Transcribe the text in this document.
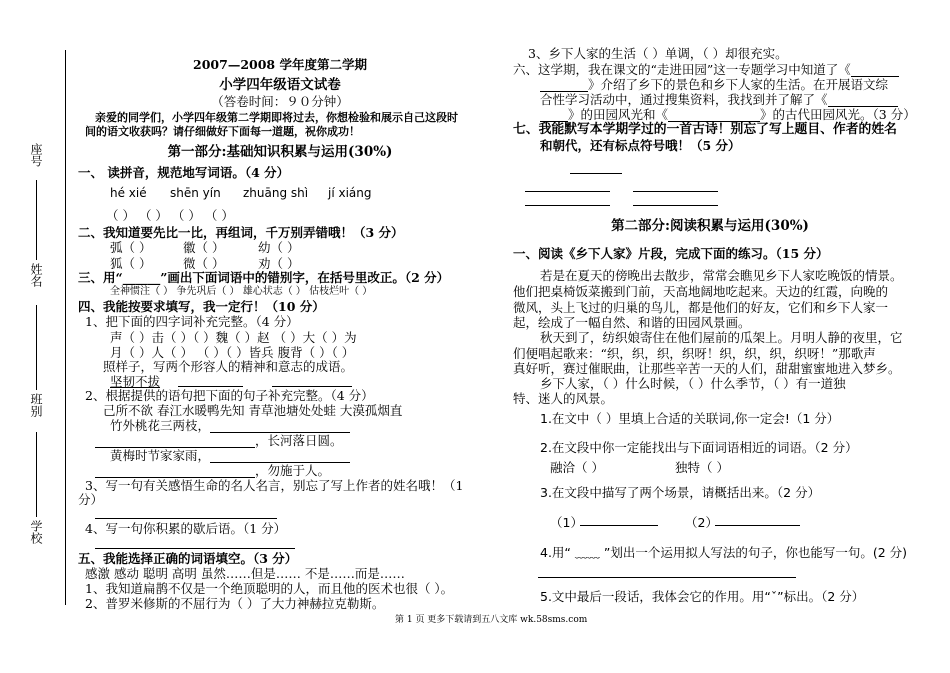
座号
姓名
班别
学校
2007—2008 学年度第二学期
小学四年级语文试卷
（答卷时间：９０分钟）
亲爱的同学们，小学四年级第二学期即将过去，你想检验和展示自己这段时
间的语文收获吗？请仔细做好下面每一道题，祝你成功！
第一部分:基础知识积累与运用(30%)
一、 读拼音，规范地写词语。（4 分）
hé xié shēn yín zhuāng shì jí xiáng
（ ） （ ） （ ） （ ）
二、我知道要先比一比，再组词，千万别弄错哦！（3 分）
弧（ ）	徽（ ）	幼（ ）
狐（ ）	微（ ）	劝（ ）
三、用“______”画出下面词语中的错别字，在括号里改正。（2 分）
全神惯注（ ） 争先巩后（ ） 雄心状志（ ） 估枝烂叶（ ）
四、我能按要求填写，我一定行！（10 分）
1、把下面的四字词补充完整。（4 分）
声（ ）击（ ）（ ）魏（ ）赵 （ ）大（ ）为
月（ ）人（ ） （ ）（ ）皆兵 腹背（ ）（ ）
照样子，写两个形容人的精神和意志的成语。
坚韧不拔
2、根据提供的语句把下面的句子补充完整。（4 分）
己所不欲 春江水暖鸭先知 青草池塘处处蛙 大漠孤烟直
竹外桃花三两枝，
，长河落日圆。
黄梅时节家家雨，
，勿施于人。
3、写一句有关感悟生命的名人名言，别忘了写上作者的姓名哦！（1
分）
4、写一句你积累的歇后语。（1 分）
五、我能选择正确的词语填空。（3 分）
感激 感动 聪明 高明 虽然……但是…… 不是……而是……
1、我知道扁鹊不仅是一个绝顶聪明的人，而且他的医术也很（ ）。
2、普罗米修斯的不屈行为（ ）了大力神赫拉克勒斯。
3、乡下人家的生活（ ）单调，（ ）却很充实。
六、这学期，我在课文的“走进田园”这一专题学习中知道了《
》介绍了乡下的景色和乡下人家的生活。在开展语文综
合性学习活动中，通过搜集资料，我找到并了解了《
》的田园风光和《	》的古代田园风光。（3 分）
七、我能默写本学期学过的一首古诗！别忘了写上题目、作者的姓名
和朝代，还有标点符号哦！（5 分）
第二部分:阅读积累与运用(30%)
一、阅读《乡下人家》片段，完成下面的练习。（15 分）
若是在夏天的傍晚出去散步，常常会瞧见乡下人家吃晚饭的情景。
他们把桌椅饭菜搬到门前，天高地阔地吃起来。天边的红霞，向晚的
微风，头上飞过的归巢的鸟儿，都是他们的好友，它们和乡下人家一
起，绘成了一幅自然、和谐的田园风景画。
秋天到了，纺织娘寄住在他们屋前的瓜架上。月明人静的夜里，它
们便唱起歌来：“织，织，织，织呀！织，织，织，织呀！”那歌声
真好听，赛过催眠曲，让那些辛苦一天的人们，甜甜蜜蜜地进入梦乡。
乡下人家，（ ）什么时候，（ ）什么季节，（ ）有一道独
特、迷人的风景。
1.在文中（ ）里填上合适的关联词,你一定会!（1 分）
2.在文段中你一定能找出与下面词语相近的词语。（2 分）
融洽（ ）	独特（ ）
3.在文段中描写了两个场景，请概括出来。（2 分）
（1）	（2）
4.用“ ﹏﹏ ”划出一个运用拟人写法的句子，你也能写一句。(2 分)
5.文中最后一段话，我体会它的作用。用“ˇ”标出。（2 分）
第 1 页 更多下载请到五八文库 wk.58sms.com
